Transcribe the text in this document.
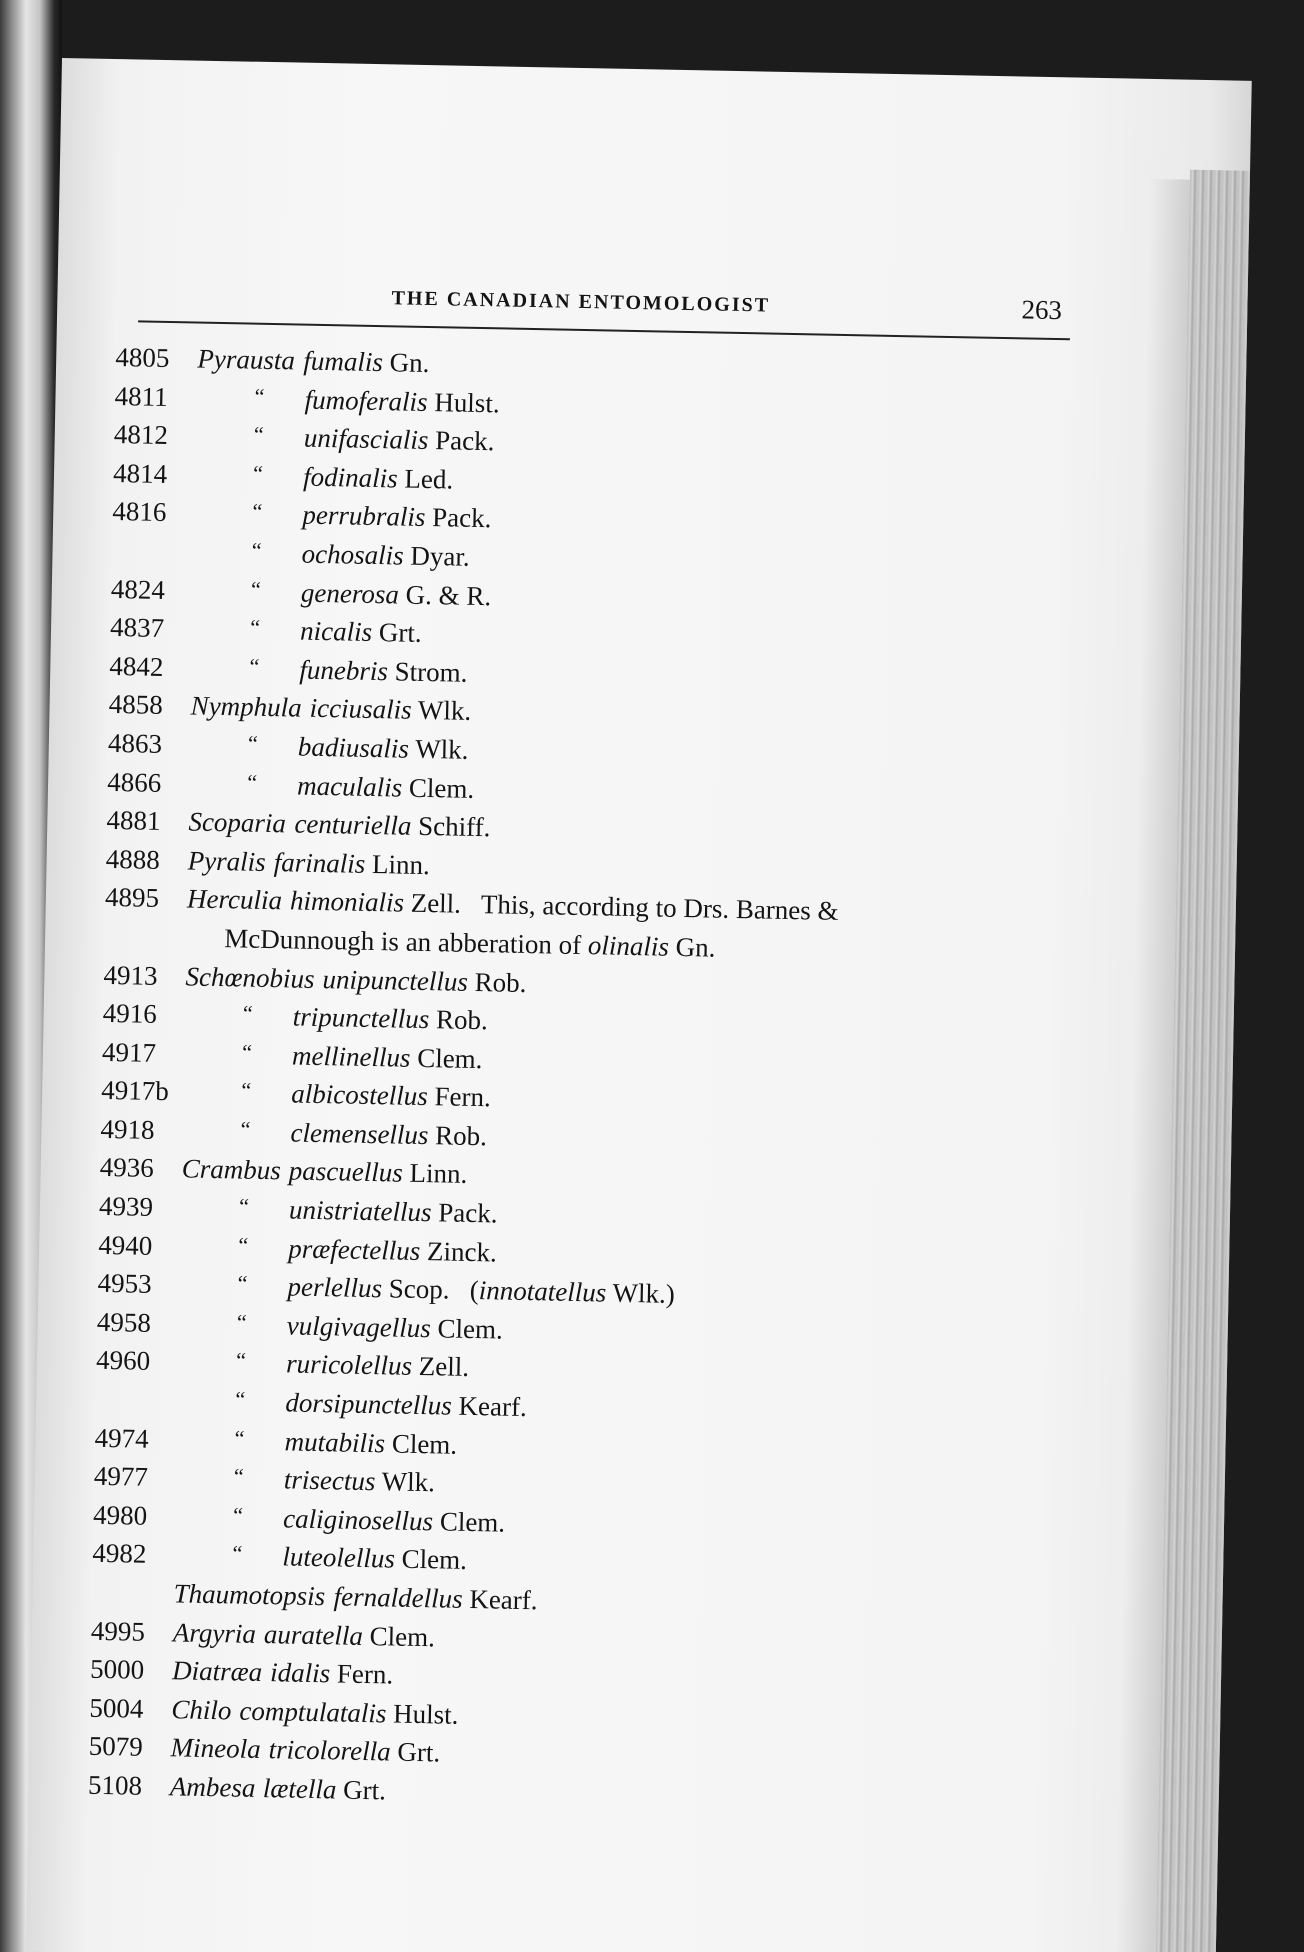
THE CANADIAN ENTOMOLOGIST	263
4805	Pyrausta fumalis Gn.
4811	“ fumoferalis Hulst.
4812	“ unifascialis Pack.
4814	“ fodinalis Led.
4816	“ perrubralis Pack.
“ ochosalis Dyar.
4824	“ generosa G. & R.
4837	“ nicalis Grt.
4842	“ funebris Strom.
4858	Nymphula icciusalis Wlk.
4863	“ badiusalis Wlk.
4866	“ maculalis Clem.
4881	Scoparia centuriella Schiff.
4888	Pyralis farinalis Linn.
4895	Herculia himonialis Zell. This, according to Drs. Barnes &
McDunnough is an abberation of olinalis Gn.
4913	Schœnobius unipunctellus Rob.
4916	“ tripunctellus Rob.
4917	“ mellinellus Clem.
4917b	“ albicostellus Fern.
4918	“ clemensellus Rob.
4936	Crambus pascuellus Linn.
4939	“ unistriatellus Pack.
4940	“ præfectellus Zinck.
4953	“ perlellus Scop. (innotatellus Wlk.)
4958	“ vulgivagellus Clem.
4960	“ ruricolellus Zell.
“ dorsipunctellus Kearf.
4974	“ mutabilis Clem.
4977	“ trisectus Wlk.
4980	“ caliginosellus Clem.
4982	“ luteolellus Clem.
Thaumotopsis fernaldellus Kearf.
4995	Argyria auratella Clem.
5000	Diatræa idalis Fern.
5004	Chilo comptulatalis Hulst.
5079	Mineola tricolorella Grt.
5108	Ambesa lætella Grt.
